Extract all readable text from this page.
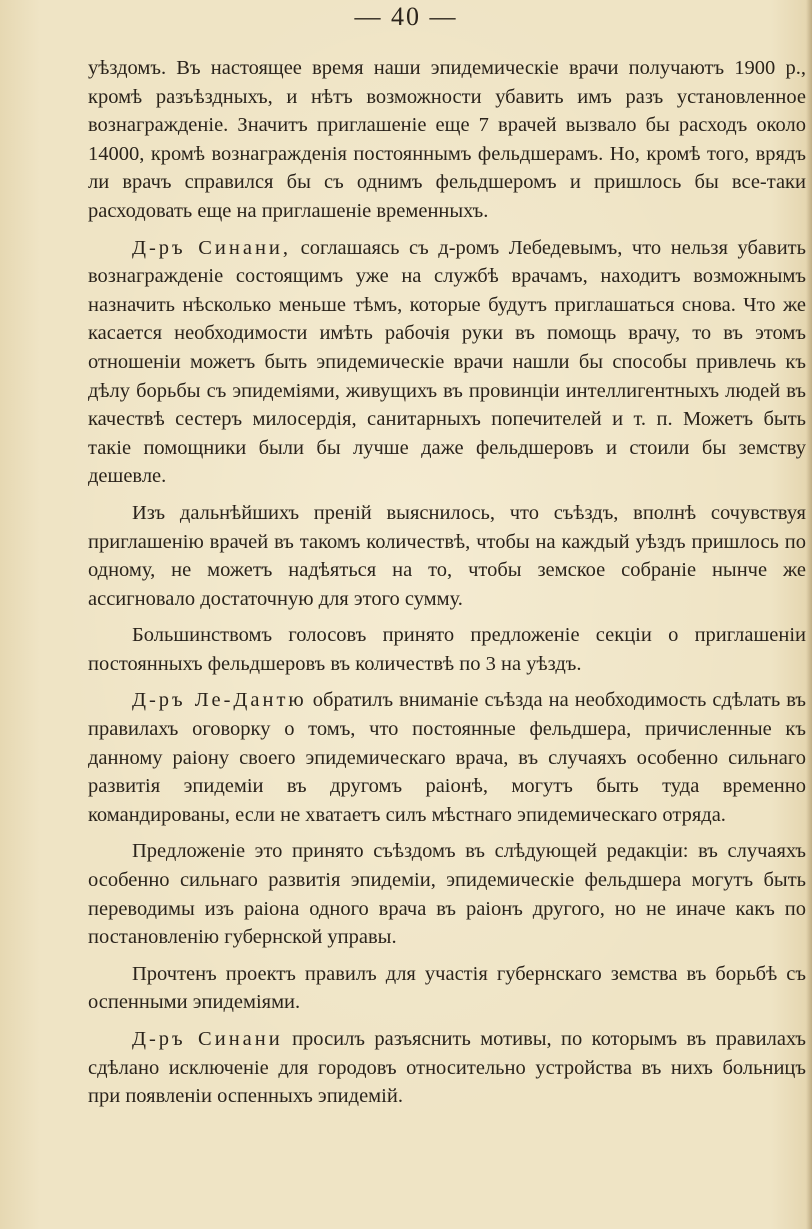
— 40 —

уѣздомъ. Въ настоящее время наши эпидемическіе врачи получаютъ 1900 р., кромѣ разъѣздныхъ, и нѣтъ возможности убавить имъ разъ установленное вознагражденіе. Значитъ приглашеніе еще 7 врачей вызвало бы расходъ около 14000, кромѣ вознагражденія постояннымъ фельдшерамъ. Но, кромѣ того, врядъ ли врачъ справился бы съ однимъ фельдшеромъ и пришлось бы все-таки расходовать еще на приглашеніе временныхъ.

Д-ръ Синани, соглашаясь съ д-ромъ Лебедевымъ, что нельзя убавить вознагражденіе состоящимъ уже на службѣ врачамъ, находитъ возможнымъ назначить нѣсколько меньше тѣмъ, которые будутъ приглашаться снова. Что же касается необходимости имѣть рабочія руки въ помощь врачу, то въ этомъ отношеніи можетъ быть эпидемическіе врачи нашли бы способы привлечь къ дѣлу борьбы съ эпидеміями, живущихъ въ провинціи интеллигентныхъ людей въ качествѣ сестеръ милосердія, санитарныхъ попечителей и т. п. Можетъ быть такіе помощники были бы лучше даже фельдшеровъ и стоили бы земству дешевле.

Изъ дальнѣйшихъ преній выяснилось, что съѣздъ, вполнѣ сочувствуя приглашенію врачей въ такомъ количествѣ, чтобы на каждый уѣздъ пришлось по одному, не можетъ надѣяться на то, чтобы земское собраніе нынче же ассигновало достаточную для этого сумму.

Большинствомъ голосовъ принято предложеніе секціи о приглашеніи постоянныхъ фельдшеровъ въ количествѣ по 3 на уѣздъ.

Д-ръ Ле-Дантю обратилъ вниманіе съѣзда на необходимость сдѣлать въ правилахъ оговорку о томъ, что постоянные фельдшера, причисленные къ данному раіону своего эпидемическаго врача, въ случаяхъ особенно сильнаго развитія эпидеміи въ другомъ раіонѣ, могутъ быть туда временно командированы, если не хватаетъ силъ мѣстнаго эпидемическаго отряда.

Предложеніе это принято съѣздомъ въ слѣдующей редакціи: въ случаяхъ особенно сильнаго развитія эпидеміи, эпидемическіе фельдшера могутъ быть переводимы изъ раіона одного врача въ раіонъ другого, но не иначе какъ по постановленію губернской управы.

Прочтенъ проектъ правилъ для участія губернскаго земства въ борьбѣ съ оспенными эпидеміями.

Д-ръ Синани просилъ разъяснить мотивы, по которымъ въ правилахъ сдѣлано исключеніе для городовъ относительно устройства въ нихъ больницъ при появленіи оспенныхъ эпидемій.
